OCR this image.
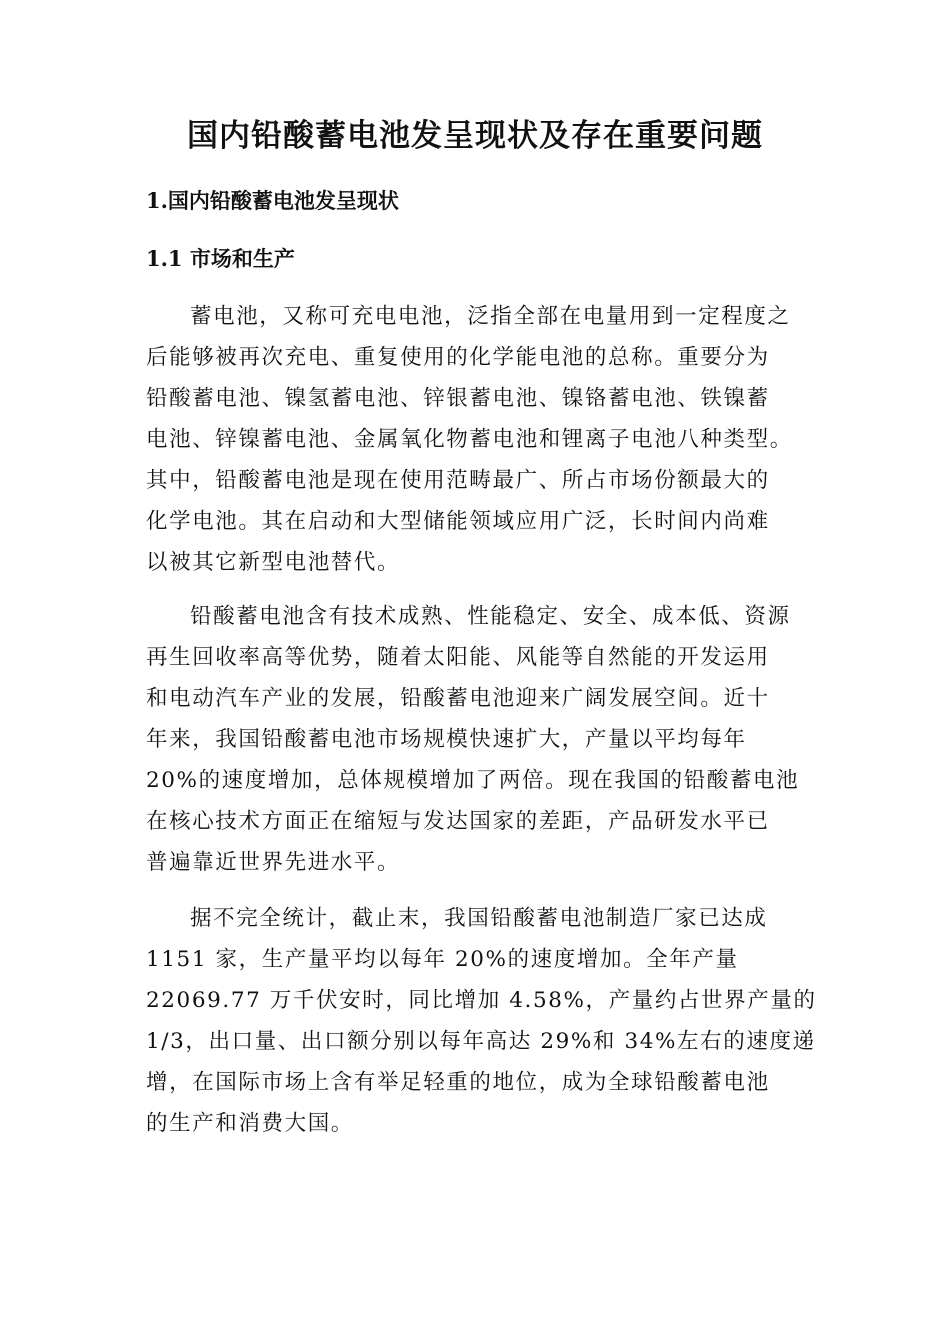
国内铅酸蓄电池发呈现状及存在重要问题
1.国内铅酸蓄电池发呈现状
1.1 市场和生产

蓄电池，又称可充电电池，泛指全部在电量用到一定程度之
后能够被再次充电、重复使用的化学能电池的总称。重要分为
铅酸蓄电池、镍氢蓄电池、锌银蓄电池、镍铬蓄电池、铁镍蓄
电池、锌镍蓄电池、金属氧化物蓄电池和锂离子电池八种类型。
其中，铅酸蓄电池是现在使用范畴最广、所占市场份额最大的
化学电池。其在启动和大型储能领域应用广泛，长时间内尚难
以被其它新型电池替代。

铅酸蓄电池含有技术成熟、性能稳定、安全、成本低、资源
再生回收率高等优势，随着太阳能、风能等自然能的开发运用
和电动汽车产业的发展，铅酸蓄电池迎来广阔发展空间。近十
年来，我国铅酸蓄电池市场规模快速扩大，产量以平均每年
20%的速度增加，总体规模增加了两倍。现在我国的铅酸蓄电池
在核心技术方面正在缩短与发达国家的差距，产品研发水平已
普遍靠近世界先进水平。

据不完全统计，截止末，我国铅酸蓄电池制造厂家已达成
1151 家，生产量平均以每年 20%的速度增加。全年产量
22069.77 万千伏安时，同比增加 4.58%，产量约占世界产量的
1/3，出口量、出口额分别以每年高达 29%和 34%左右的速度递
增，在国际市场上含有举足轻重的地位，成为全球铅酸蓄电池
的生产和消费大国。
